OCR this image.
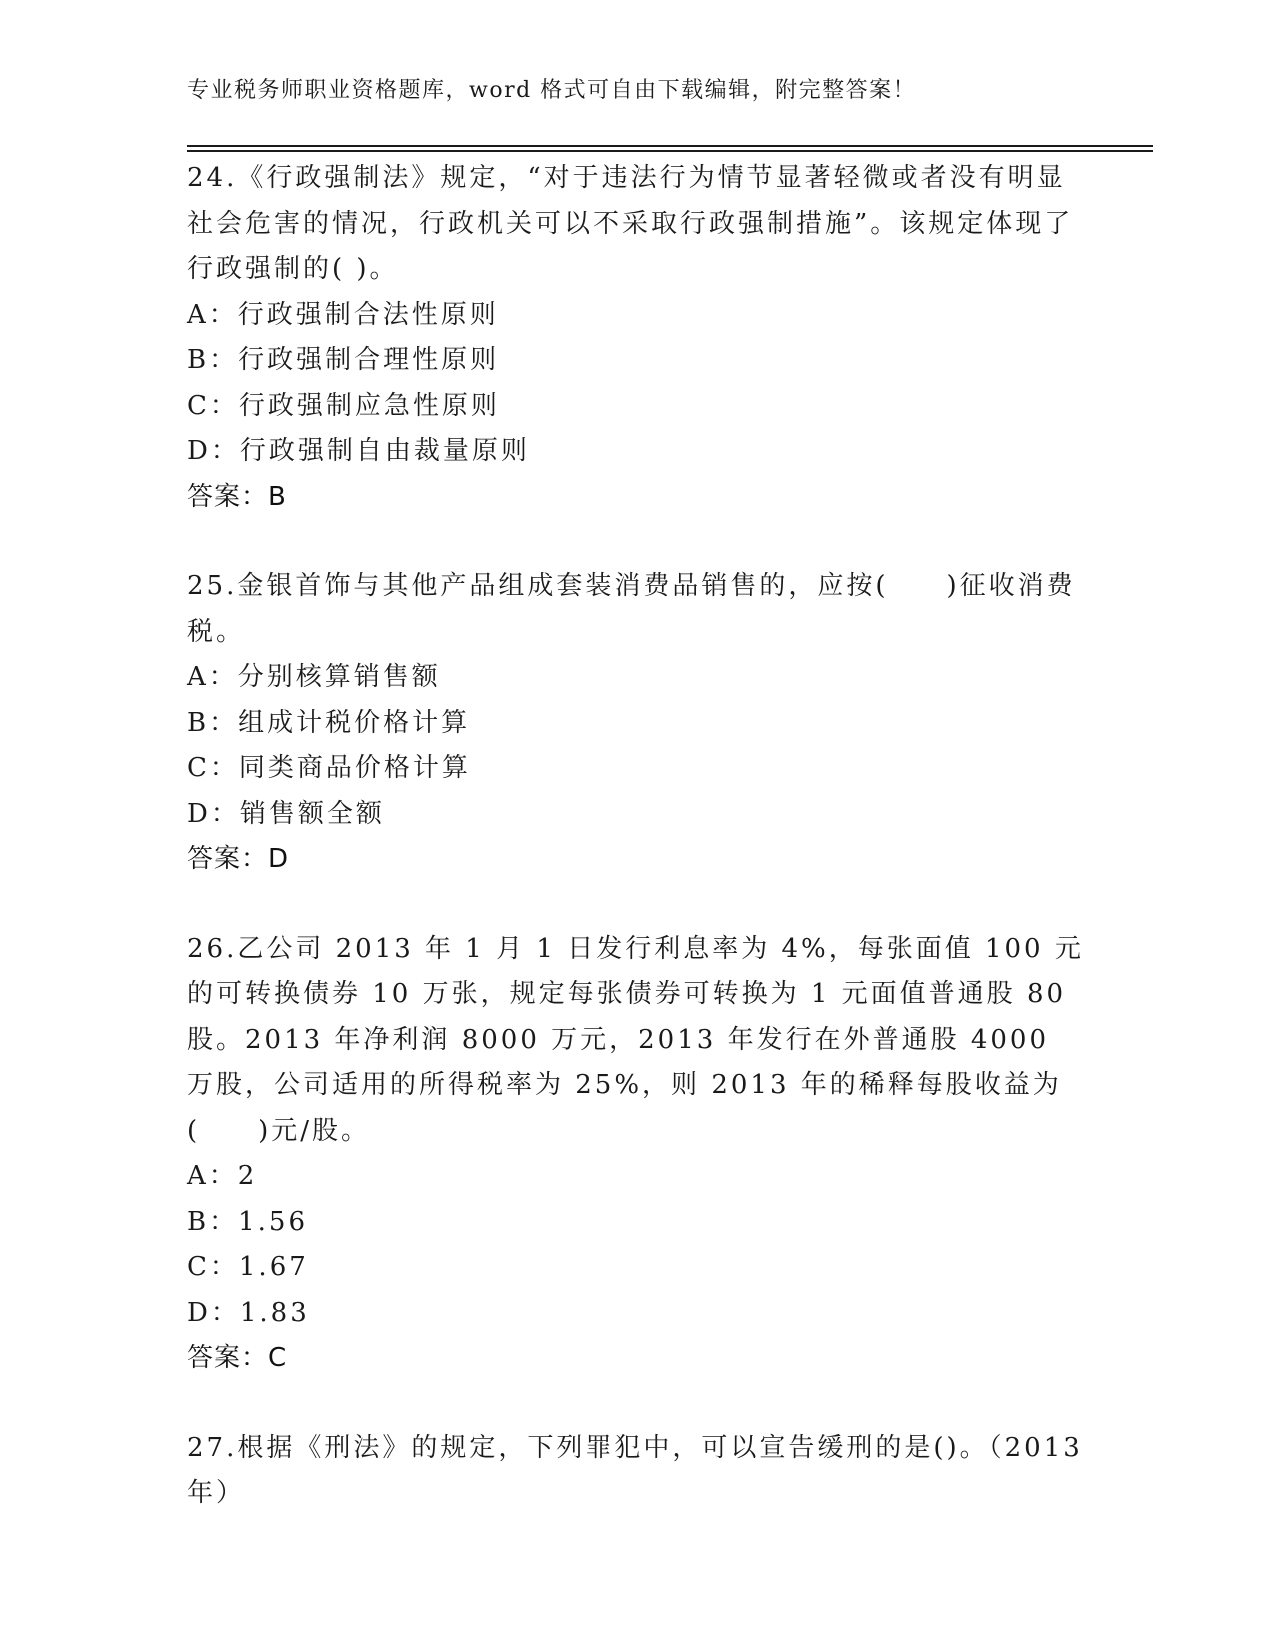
专业税务师职业资格题库，word 格式可自由下载编辑，附完整答案！

24.《行政强制法》规定，“对于违法行为情节显著轻微或者没有明显社会危害的情况，行政机关可以不采取行政强制措施”。该规定体现了行政强制的( )。

A：行政强制合法性原则
B：行政强制合理性原则
C：行政强制应急性原则
D：行政强制自由裁量原则
答案：B

25.金银首饰与其他产品组成套装消费品销售的，应按(　　)征收消费税。

A：分别核算销售额
B：组成计税价格计算
C：同类商品价格计算
D：销售额全额
答案：D

26.乙公司 2013 年 1 月 1 日发行利息率为 4%，每张面值 100 元的可转换债券 10 万张，规定每张债券可转换为 1 元面值普通股 80 股。2013 年净利润 8000 万元，2013 年发行在外普通股 4000 万股，公司适用的所得税率为 25%，则 2013 年的稀释每股收益为(　　)元/股。

A：2
B：1.56
C：1.67
D：1.83
答案：C

27.根据《刑法》的规定，下列罪犯中，可以宣告缓刑的是()。（2013 年）
